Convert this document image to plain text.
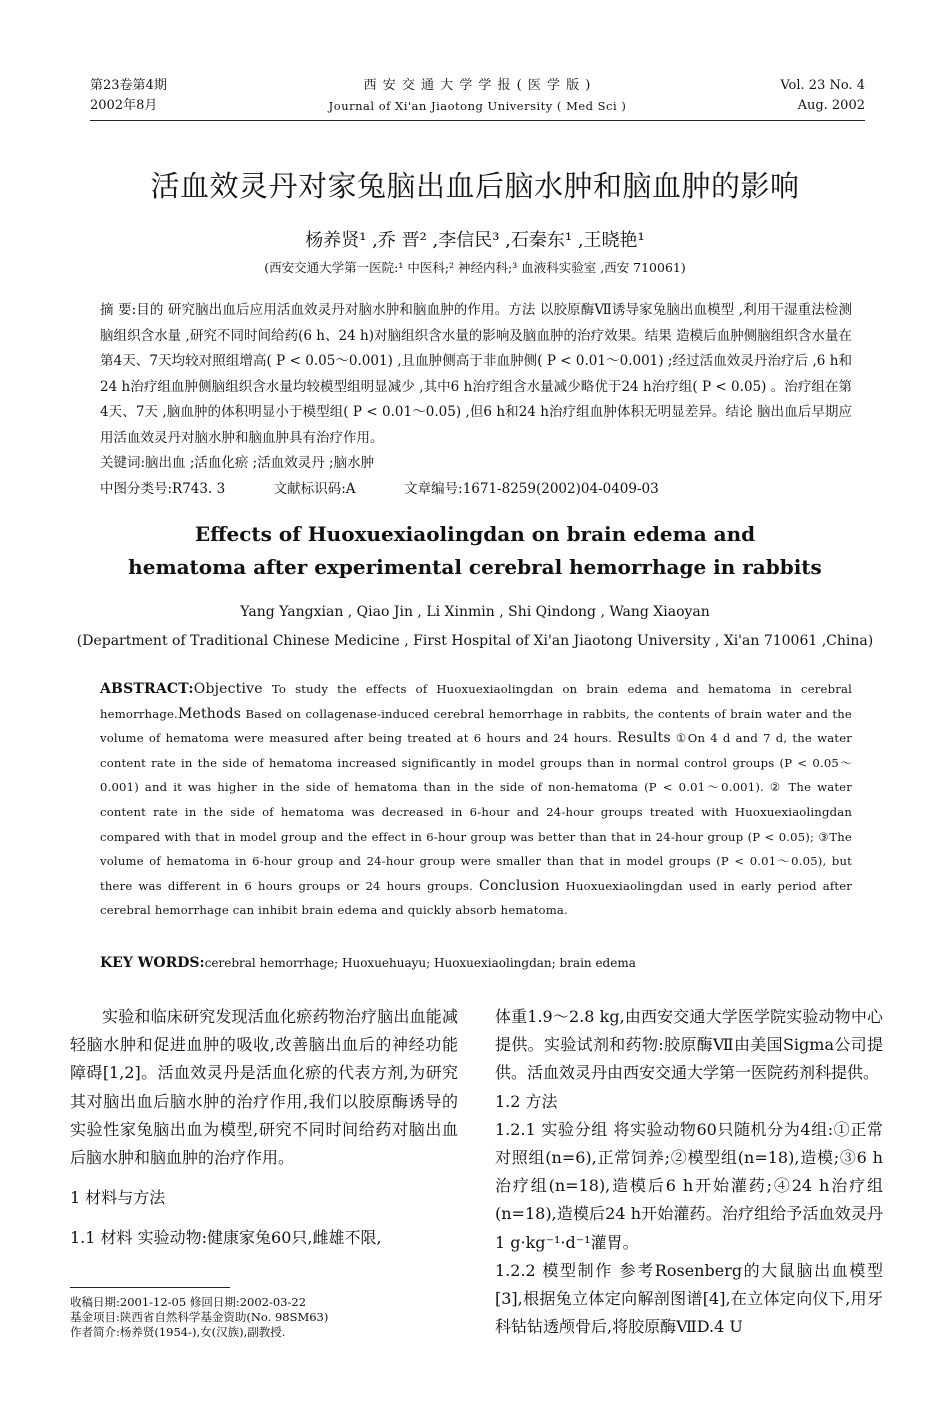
第23卷第4期
2002年8月
西 安 交 通 大 学 学 报 ( 医 学 版 )
Journal of Xi'an Jiaotong University ( Med Sci )
Vol. 23 No. 4
Aug. 2002
活血效灵丹对家兔脑出血后脑水肿和脑血肿的影响
杨养贤¹ ,乔 晋² ,李信民³ ,石秦东¹ ,王晓艳¹
(西安交通大学第一医院:¹ 中医科;² 神经内科;³ 血液科实验室 ,西安 710061)
摘 要:目的 研究脑出血后应用活血效灵丹对脑水肿和脑血肿的作用。方法 以胶原酶Ⅶ诱导家兔脑出血模型 ,利用干湿重法检测脑组织含水量 ,研究不同时间给药(6 h、24 h)对脑组织含水量的影响及脑血肿的治疗效果。结果 造模后血肿侧脑组织含水量在第4天、7天均较对照组增高( P < 0.05～0.001) ,且血肿侧高于非血肿侧( P < 0.01～0.001) ;经过活血效灵丹治疗后 ,6 h和24 h治疗组血肿侧脑组织含水量均较模型组明显减少 ,其中6 h治疗组含水量减少略优于24 h治疗组( P < 0.05) 。治疗组在第4天、7天 ,脑血肿的体积明显小于模型组( P < 0.01～0.05) ,但6 h和24 h治疗组血肿体积无明显差异。结论 脑出血后早期应用活血效灵丹对脑水肿和脑血肿具有治疗作用。
关键词:脑出血 ;活血化瘀 ;活血效灵丹 ;脑水肿
中图分类号:R743. 3	文献标识码:A	文章编号:1671-8259(2002)04-0409-03
Effects of Huoxuexiaolingdan on brain edema and
hematoma after experimental cerebral hemorrhage in rabbits
Yang Yangxian , Qiao Jin , Li Xinmin , Shi Qindong , Wang Xiaoyan
(Department of Traditional Chinese Medicine , First Hospital of Xi'an Jiaotong University , Xi'an 710061 ,China)
ABSTRACT:Objective To study the effects of Huoxuexiaolingdan on brain edema and hematoma in cerebral hemorrhage.Methods Based on collagenase-induced cerebral hemorrhage in rabbits, the contents of brain water and the volume of hematoma were measured after being treated at 6 hours and 24 hours. Results ①On 4 d and 7 d, the water content rate in the side of hematoma increased significantly in model groups than in normal control groups (P < 0.05～0.001) and it was higher in the side of hematoma than in the side of non-hematoma (P < 0.01～0.001). ② The water content rate in the side of hematoma was decreased in 6-hour and 24-hour groups treated with Huoxuexiaolingdan compared with that in model group and the effect in 6-hour group was better than that in 24-hour group (P < 0.05); ③The volume of hematoma in 6-hour group and 24-hour group were smaller than that in model groups (P < 0.01～0.05), but there was different in 6 hours groups or 24 hours groups. Conclusion Huoxuexiaolingdan used in early period after cerebral hemorrhage can inhibit brain edema and quickly absorb hematoma.
KEY WORDS:cerebral hemorrhage; Huoxuehuayu; Huoxuexiaolingdan; brain edema

实验和临床研究发现活血化瘀药物治疗脑出血能减轻脑水肿和促进血肿的吸收,改善脑出血后的神经功能障碍[1,2]。活血效灵丹是活血化瘀的代表方剂,为研究其对脑出血后脑水肿的治疗作用,我们以胶原酶诱导的实验性家兔脑出血为模型,研究不同时间给药对脑出血后脑水肿和脑血肿的治疗作用。

1 材料与方法

1.1 材料 实验动物:健康家兔60只,雌雄不限,

体重1.9～2.8 kg,由西安交通大学医学院实验动物中心提供。实验试剂和药物:胶原酶Ⅶ由美国Sigma公司提供。活血效灵丹由西安交通大学第一医院药剂科提供。

1.2 方法

1.2.1 实验分组 将实验动物60只随机分为4组:①正常对照组(n=6),正常饲养;②模型组(n=18),造模;③6 h治疗组(n=18),造模后6 h开始灌药;④24 h治疗组(n=18),造模后24 h开始灌药。治疗组给予活血效灵丹1 g·kg⁻¹·d⁻¹灌胃。

1.2.2 模型制作 参考Rosenberg的大鼠脑出血模型[3],根据兔立体定向解剖图谱[4],在立体定向仪下,用牙科钻钻透颅骨后,将胶原酶ⅦD.4 U

收稿日期:2001-12-05 修回日期:2002-03-22
基金项目:陕西省自然科学基金资助(No. 98SM63)
作者简介:杨养贤(1954-),女(汉族),副教授.
